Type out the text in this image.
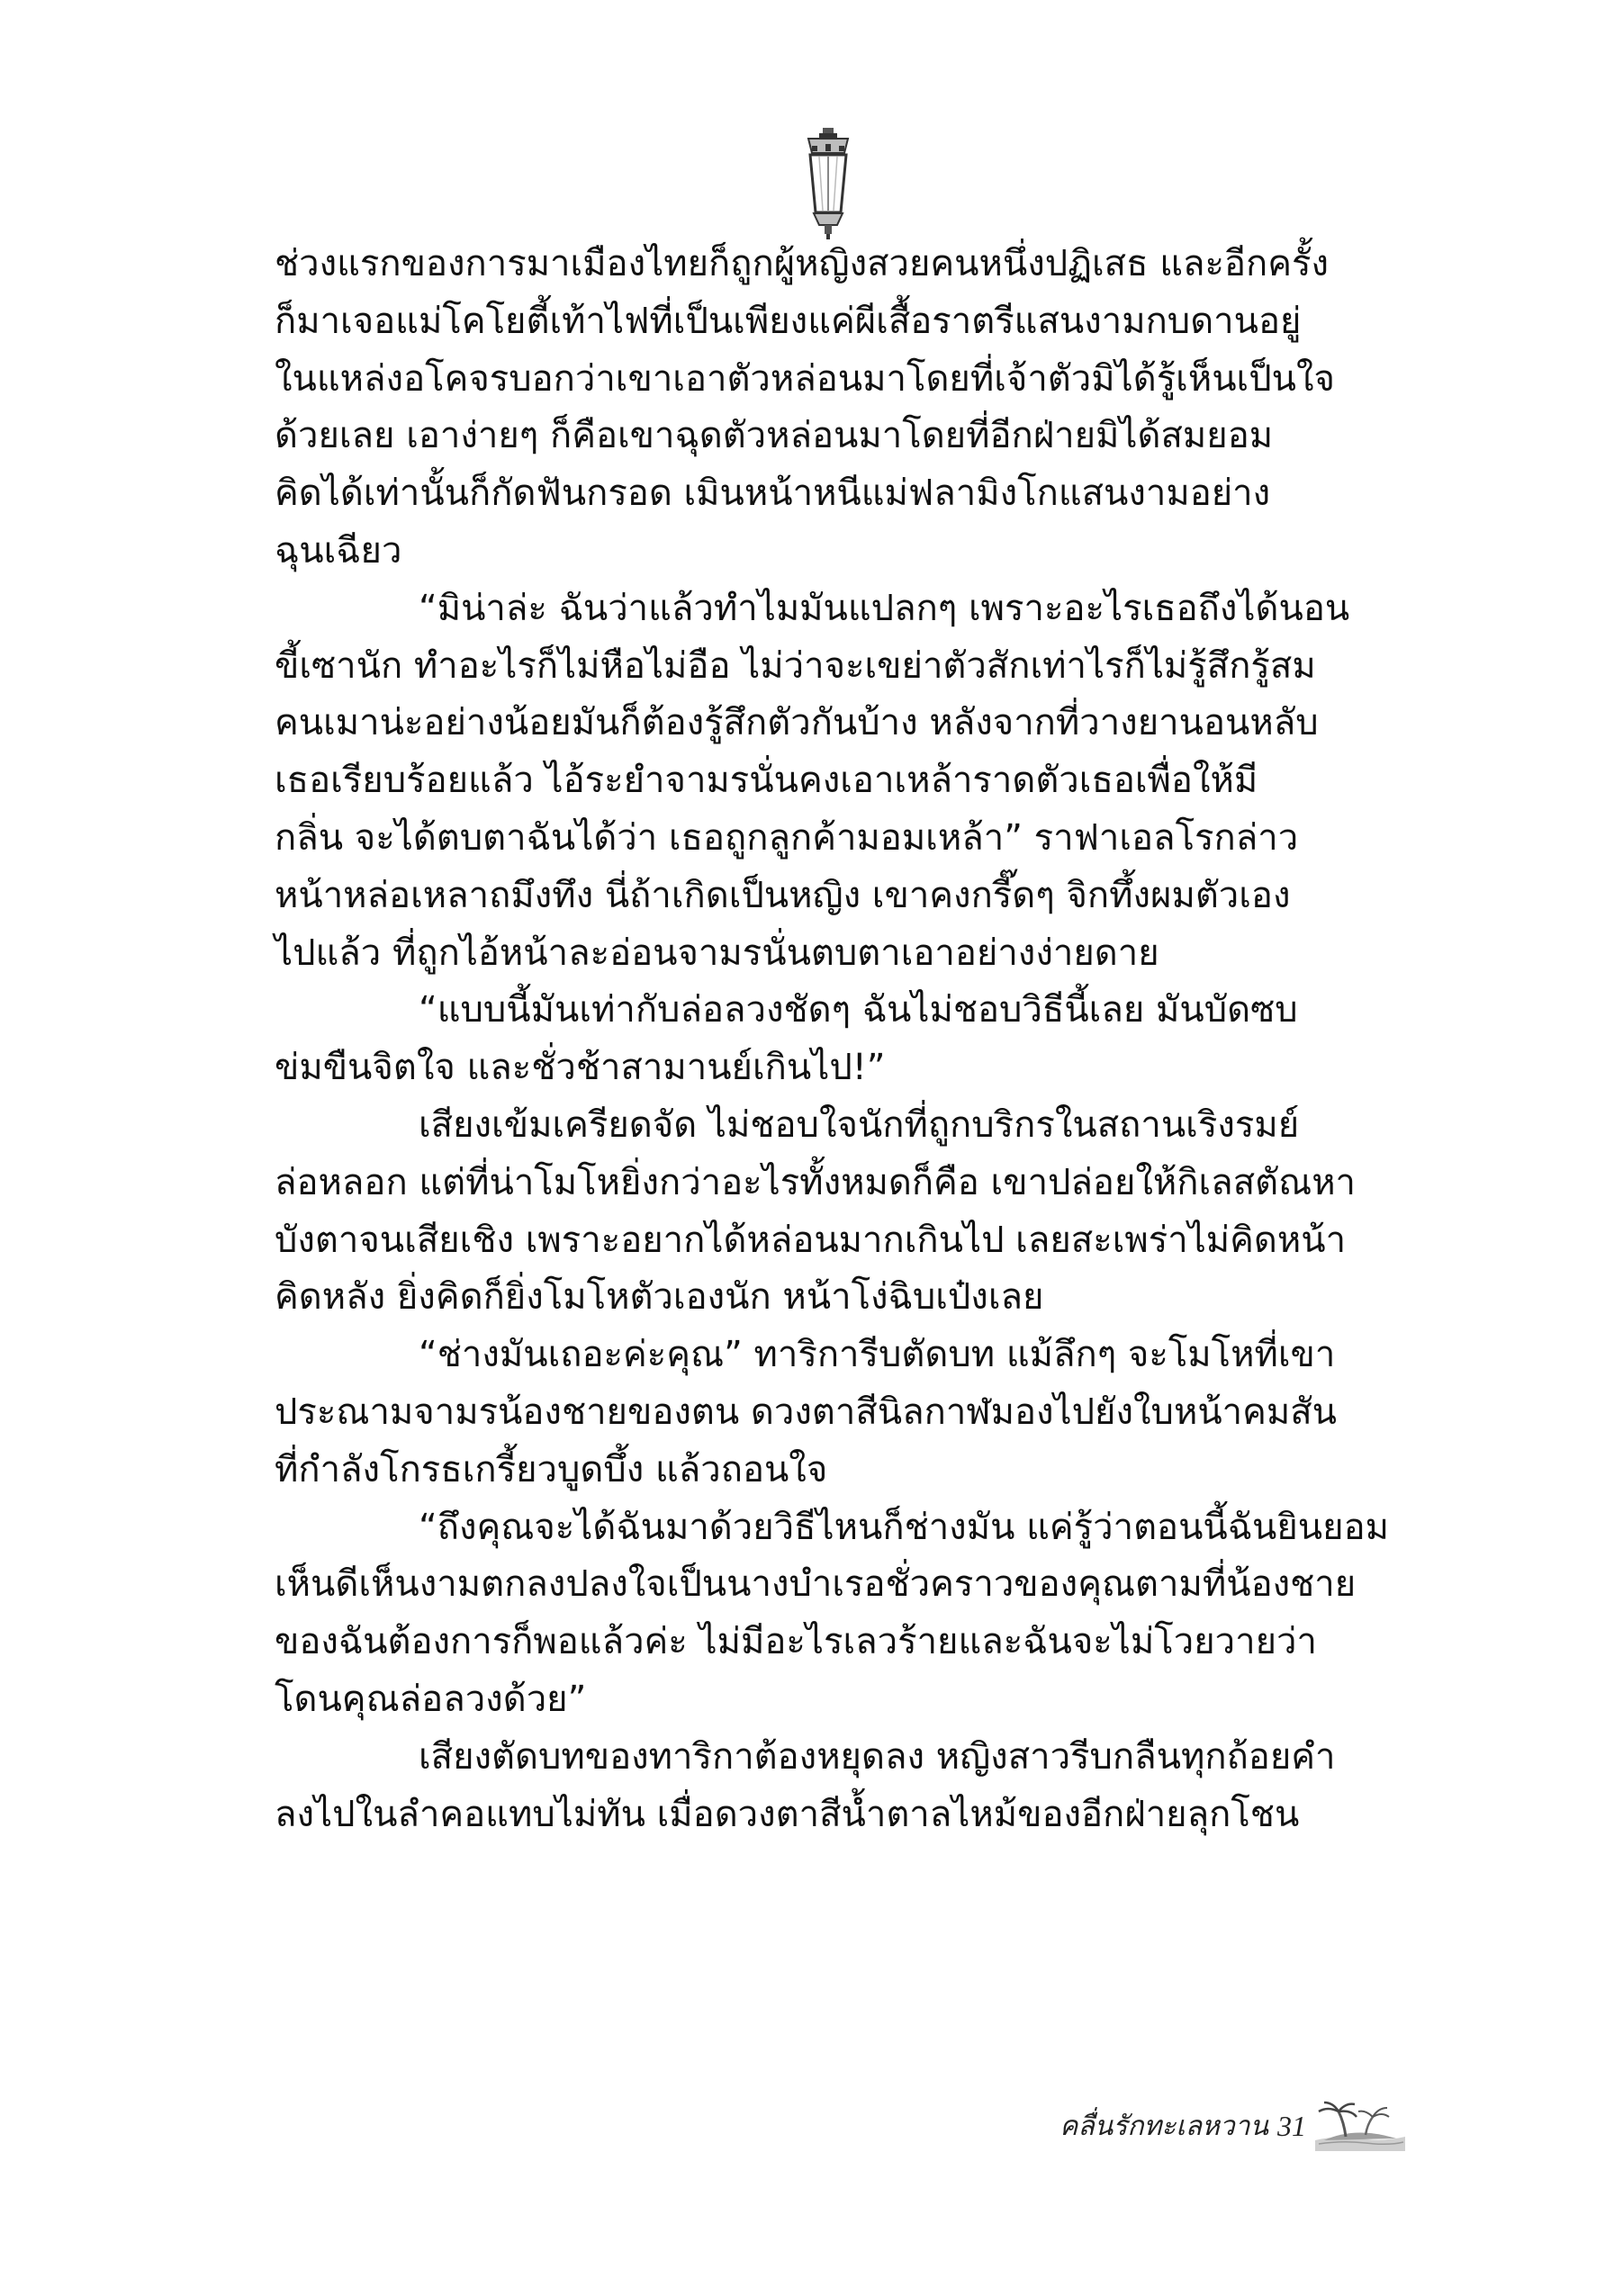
ช่วงแรกของการมาเมืองไทยก็ถูกผู้หญิงสวยคนหนึ่งปฏิเสธ และอีกครั้ง
ก็มาเจอแม่โคโยตี้เท้าไฟที่เป็นเพียงแค่ผีเสื้อราตรีแสนงามกบดานอยู่
ในแหล่งอโคจรบอกว่าเขาเอาตัวหล่อนมาโดยที่เจ้าตัวมิได้รู้เห็นเป็นใจ
ด้วยเลย เอาง่ายๆ ก็คือเขาฉุดตัวหล่อนมาโดยที่อีกฝ่ายมิได้สมยอม
คิดได้เท่านั้นก็กัดฟันกรอด เมินหน้าหนีแม่ฟลามิงโกแสนงามอย่าง
ฉุนเฉียว
“มิน่าล่ะ ฉันว่าแล้วทำไมมันแปลกๆ เพราะอะไรเธอถึงได้นอน
ขี้เซานัก ทำอะไรก็ไม่หือไม่อือ ไม่ว่าจะเขย่าตัวสักเท่าไรก็ไม่รู้สึกรู้สม
คนเมาน่ะอย่างน้อยมันก็ต้องรู้สึกตัวกันบ้าง หลังจากที่วางยานอนหลับ
เธอเรียบร้อยแล้ว ไอ้ระยำจามรนั่นคงเอาเหล้าราดตัวเธอเพื่อให้มี
กลิ่น จะได้ตบตาฉันได้ว่า เธอถูกลูกค้ามอมเหล้า” ราฟาเอลโรกล่าว
หน้าหล่อเหลาถมึงทึง นี่ถ้าเกิดเป็นหญิง เขาคงกรี๊ดๆ จิกทึ้งผมตัวเอง
ไปแล้ว ที่ถูกไอ้หน้าละอ่อนจามรนั่นตบตาเอาอย่างง่ายดาย
“แบบนี้มันเท่ากับล่อลวงชัดๆ ฉันไม่ชอบวิธีนี้เลย มันบัดซบ
ข่มขืนจิตใจ และชั่วช้าสามานย์เกินไป!”
เสียงเข้มเครียดจัด ไม่ชอบใจนักที่ถูกบริกรในสถานเริงรมย์
ล่อหลอก แต่ที่น่าโมโหยิ่งกว่าอะไรทั้งหมดก็คือ เขาปล่อยให้กิเลสตัณหา
บังตาจนเสียเชิง เพราะอยากได้หล่อนมากเกินไป เลยสะเพร่าไม่คิดหน้า
คิดหลัง ยิ่งคิดก็ยิ่งโมโหตัวเองนัก หน้าโง่ฉิบเป๋งเลย
“ช่างมันเถอะค่ะคุณ” ทาริการีบตัดบท แม้ลึกๆ จะโมโหที่เขา
ประณามจามรน้องชายของตน ดวงตาสีนิลกาฬมองไปยังใบหน้าคมสัน
ที่กำลังโกรธเกรี้ยวบูดบึ้ง แล้วถอนใจ
“ถึงคุณจะได้ฉันมาด้วยวิธีไหนก็ช่างมัน แค่รู้ว่าตอนนี้ฉันยินยอม
เห็นดีเห็นงามตกลงปลงใจเป็นนางบำเรอชั่วคราวของคุณตามที่น้องชาย
ของฉันต้องการก็พอแล้วค่ะ ไม่มีอะไรเลวร้ายและฉันจะไม่โวยวายว่า
โดนคุณล่อลวงด้วย”
เสียงตัดบทของทาริกาต้องหยุดลง หญิงสาวรีบกลืนทุกถ้อยคำ
ลงไปในลำคอแทบไม่ทัน เมื่อดวงตาสีน้ำตาลไหม้ของอีกฝ่ายลุกโชน
คลื่นรักทะเลหวาน 31
